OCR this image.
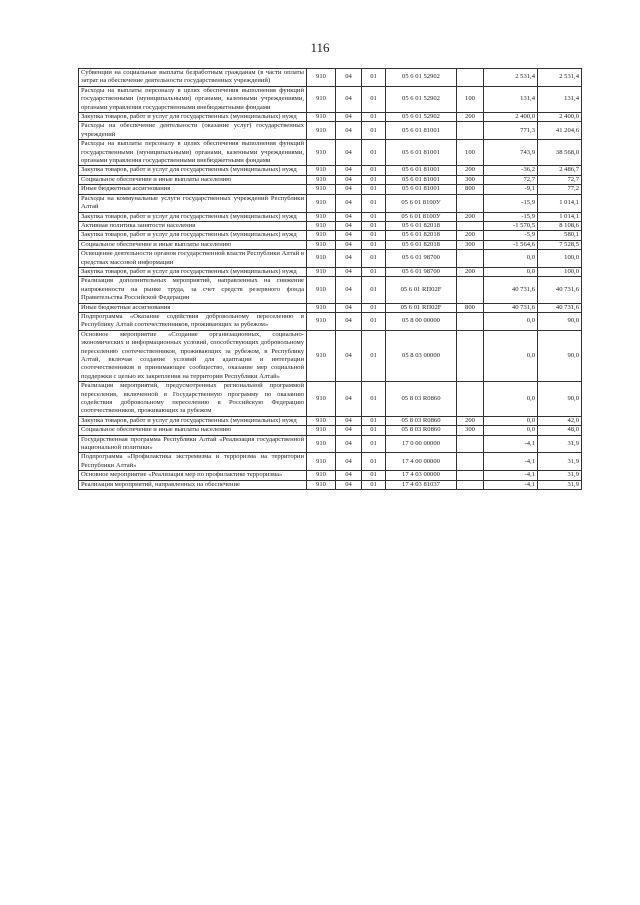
116
Субвенции на социальные выплаты безработным гражданам (в части оплаты затрат на обеспечение деятельности государственных учреждений)	910	04	01	05 6 01 52902		2 531,4	2 531,4
Расходы на выплаты персоналу в целях обеспечения выполнения функций государственными (муниципальными) органами, казенными учреждениями, органами управления государственными внебюджетными фондами	910	04	01	05 6 01 52902	100	131,4	131,4
Закупка товаров, работ и услуг для государственных (муниципальных) нужд	910	04	01	05 6 01 52902	200	2 400,0	2 400,0
Расходы на обеспечение деятельности (оказание услуг) государственных учреждений	910	04	01	05 6 01 81001		771,3	41 204,6
Расходы на выплаты персоналу в целях обеспечения выполнения функций государственными (муниципальными) органами, казенными учреждениями, органами управления государственными внебюджетными фондами	910	04	01	05 6 01 81001	100	743,9	38 568,0
Закупка товаров, работ и услуг для государственных (муниципальных) нужд	910	04	01	05 6 01 81001	200	-36,2	2 486,7
Социальное обеспечение и иные выплаты населению	910	04	01	05 6 01 81001	300	72,7	72,7
Иные бюджетные ассигнования	910	04	01	05 6 01 81001	800	-9,1	77,2
Расходы на коммунальные услуги государственных учреждений Республики Алтай	910	04	01	05 6 01 8100У		-15,9	1 014,1
Закупка товаров, работ и услуг для государственных (муниципальных) нужд	910	04	01	05 6 01 8100У	200	-15,9	1 014,1
Активная политика занятости населения	910	04	01	05 6 01 82018		-1 570,5	8 108,6
Закупка товаров, работ и услуг для государственных (муниципальных) нужд	910	04	01	05 6 01 82018	200	-5,9	580,1
Социальное обеспечение и иные выплаты населению	910	04	01	05 6 01 82018	300	-1 564,6	7 528,5
Освещение деятельности органов государственной власти Республики Алтай в средствах массовой информации	910	04	01	05 6 01 98700		0,0	100,0
Закупка товаров, работ и услуг для государственных (муниципальных) нужд	910	04	01	05 6 01 98700	200	0,0	100,0
Реализация дополнительных мероприятий, направленных на снижение напряженности на рынке труда, за счет средств резервного фонда Правительства Российской Федерации	910	04	01	05 6 01 RП02F		40 731,6	40 731,6
Иные бюджетные ассигнования	910	04	01	05 6 01 RП02F	800	40 731,6	40 731,6
Подпрограмма «Оказание содействия добровольному переселению в Республику Алтай соотечественников, проживающих за рубежом»	910	04	01	05 8 00 00000		0,0	90,0
Основное мероприятие «Создание организационных, социально-экономических и информационных условий, способствующих добровольному переселению соотечественников, проживающих за рубежом, в Республику Алтай, включая создание условий для адаптации и интеграции соотечественников в принимающее сообщество, оказание мер социальной поддержки с целью их закрепления на территории Республики Алтай»	910	04	01	05 8 03 00000		0,0	90,0
Реализация мероприятий, предусмотренных региональной программой переселения, включенной в Государственную программу по оказанию содействия добровольному переселению в Российскую Федерацию соотечественников, проживающих за рубежом	910	04	01	05 8 03 R0860		0,0	90,0
Закупка товаров, работ и услуг для государственных (муниципальных) нужд	910	04	01	05 8 03 R0860	200	0,0	42,0
Социальное обеспечение и иные выплаты населению	910	04	01	05 8 03 R0860	300	0,0	48,0
Государственная программа Республики Алтай «Реализация государственной национальной политики»	910	04	01	17 0 00 00000		-4,1	31,9
Подпрограмма «Профилактика экстремизма и терроризма на территории Республики Алтай»	910	04	01	17 4 00 00000		-4,1	31,9
Основное мероприятие «Реализация мер по профилактике терроризма»	910	04	01	17 4 03 00000		-4,1	31,9
Реализация мероприятий, направленных на обеспечение	910	04	01	17 4 03 81037		-4,1	31,9
